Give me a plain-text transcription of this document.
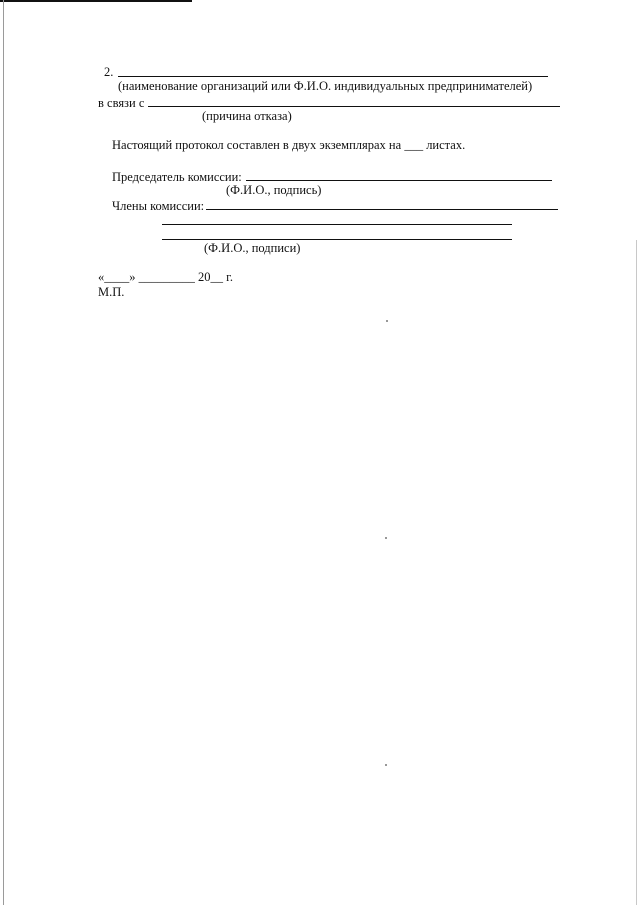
2.
(наименование организаций или Ф.И.О. индивидуальных предпринимателей)
в связи с
(причина отказа)
Настоящий протокол составлен в двух экземплярах на ___ листах.
Председатель комиссии:
(Ф.И.О., подпись)
Члены комиссии:
(Ф.И.О., подписи)
«____» _________ 20__ г.
М.П.
